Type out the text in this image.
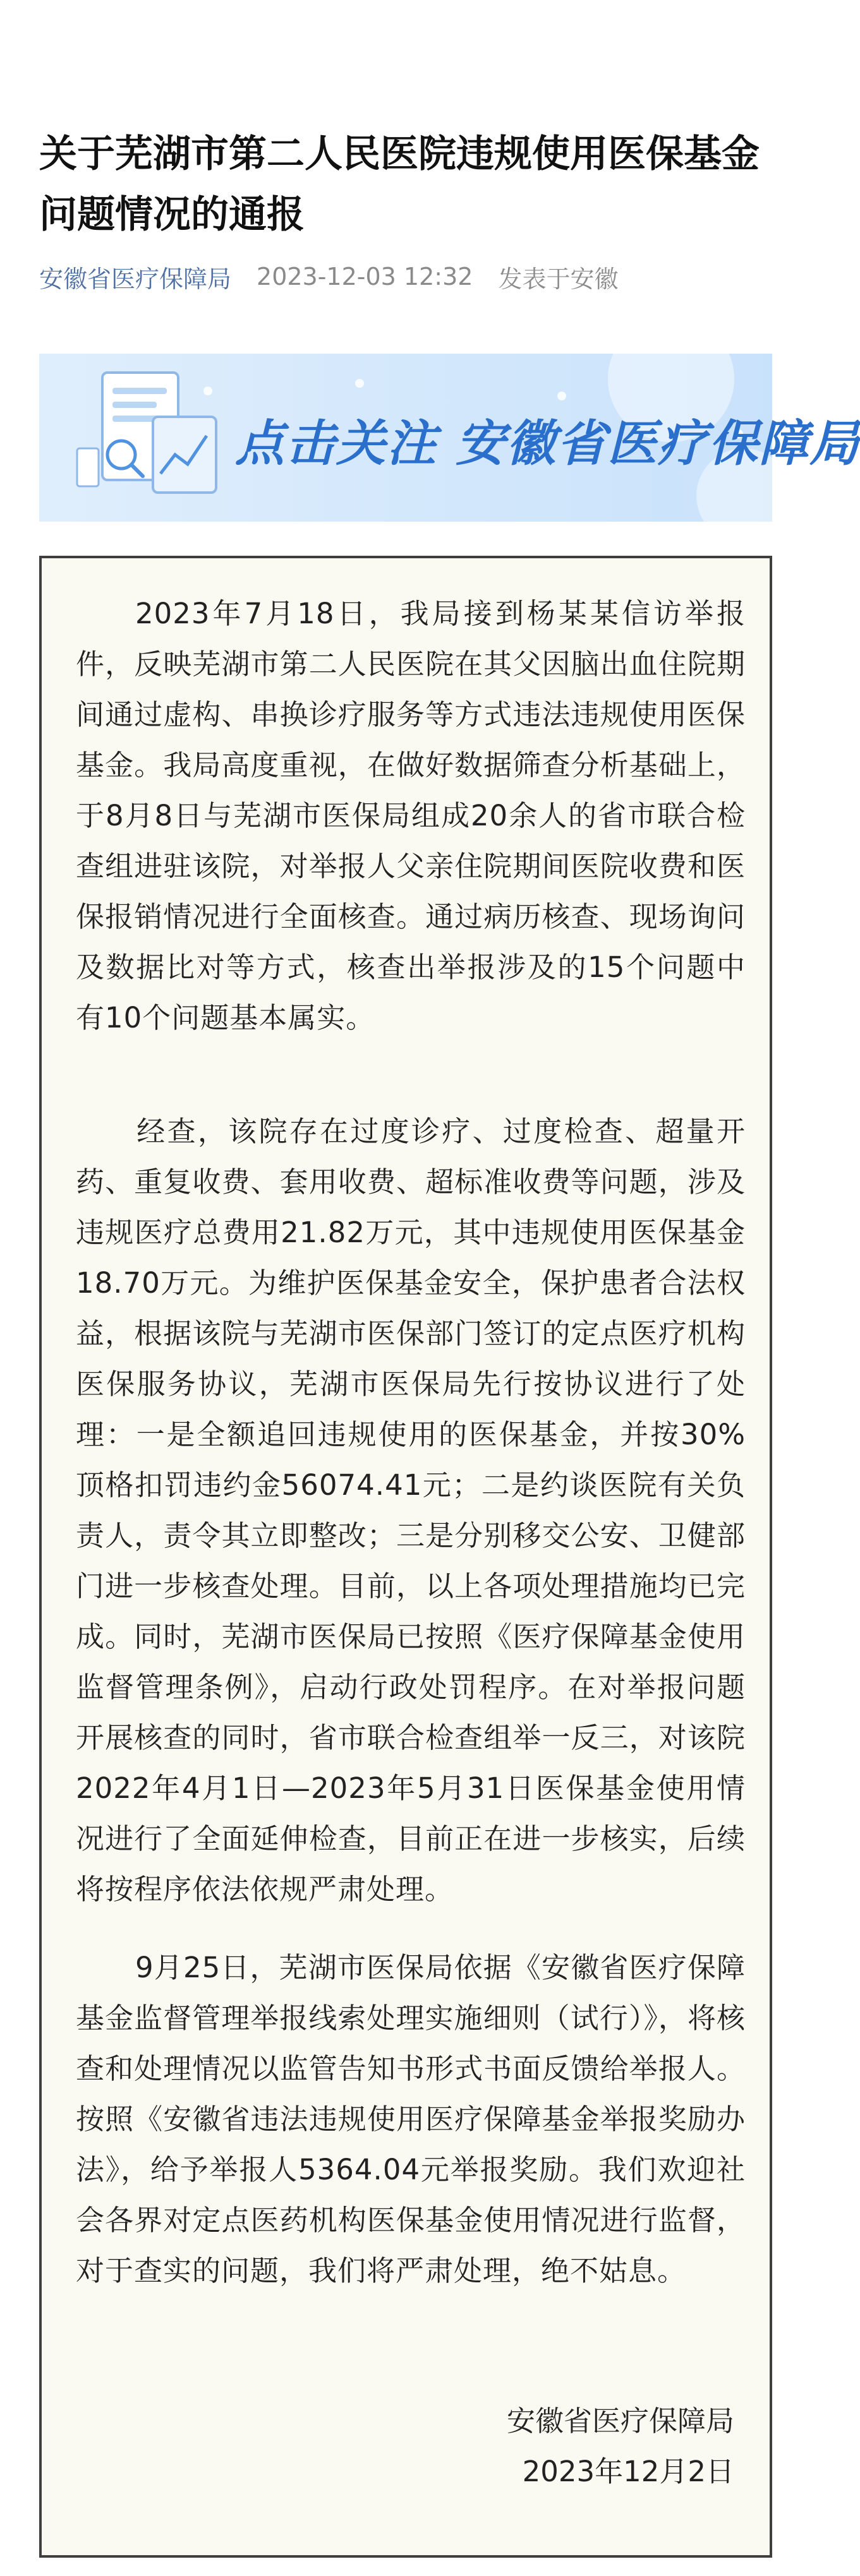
关于芜湖市第二人民医院违规使用医保基金问题情况的通报
安徽省医疗保障局 2023-12-03 12:32 发表于安徽
点击关注 安徽省医疗保障局

2023年7月18日，我局接到杨某某信访举报件，反映芜湖市第二人民医院在其父因脑出血住院期间通过虚构、串换诊疗服务等方式违法违规使用医保基金。我局高度重视，在做好数据筛查分析基础上，于8月8日与芜湖市医保局组成20余人的省市联合检查组进驻该院，对举报人父亲住院期间医院收费和医保报销情况进行全面核查。通过病历核查、现场询问及数据比对等方式，核查出举报涉及的15个问题中有10个问题基本属实。

经查，该院存在过度诊疗、过度检查、超量开药、重复收费、套用收费、超标准收费等问题，涉及违规医疗总费用21.82万元，其中违规使用医保基金18.70万元。为维护医保基金安全，保护患者合法权益，根据该院与芜湖市医保部门签订的定点医疗机构医保服务协议，芜湖市医保局先行按协议进行了处理：一是全额追回违规使用的医保基金，并按30%顶格扣罚违约金56074.41元；二是约谈医院有关负责人，责令其立即整改；三是分别移交公安、卫健部门进一步核查处理。目前，以上各项处理措施均已完成。同时，芜湖市医保局已按照《医疗保障基金使用监督管理条例》，启动行政处罚程序。在对举报问题开展核查的同时，省市联合检查组举一反三，对该院2022年4月1日—2023年5月31日医保基金使用情况进行了全面延伸检查，目前正在进一步核实，后续将按程序依法依规严肃处理。

9月25日，芜湖市医保局依据《安徽省医疗保障基金监督管理举报线索处理实施细则（试行）》，将核查和处理情况以监管告知书形式书面反馈给举报人。按照《安徽省违法违规使用医疗保障基金举报奖励办法》，给予举报人5364.04元举报奖励。我们欢迎社会各界对定点医药机构医保基金使用情况进行监督，对于查实的问题，我们将严肃处理，绝不姑息。

安徽省医疗保障局
2023年12月2日
